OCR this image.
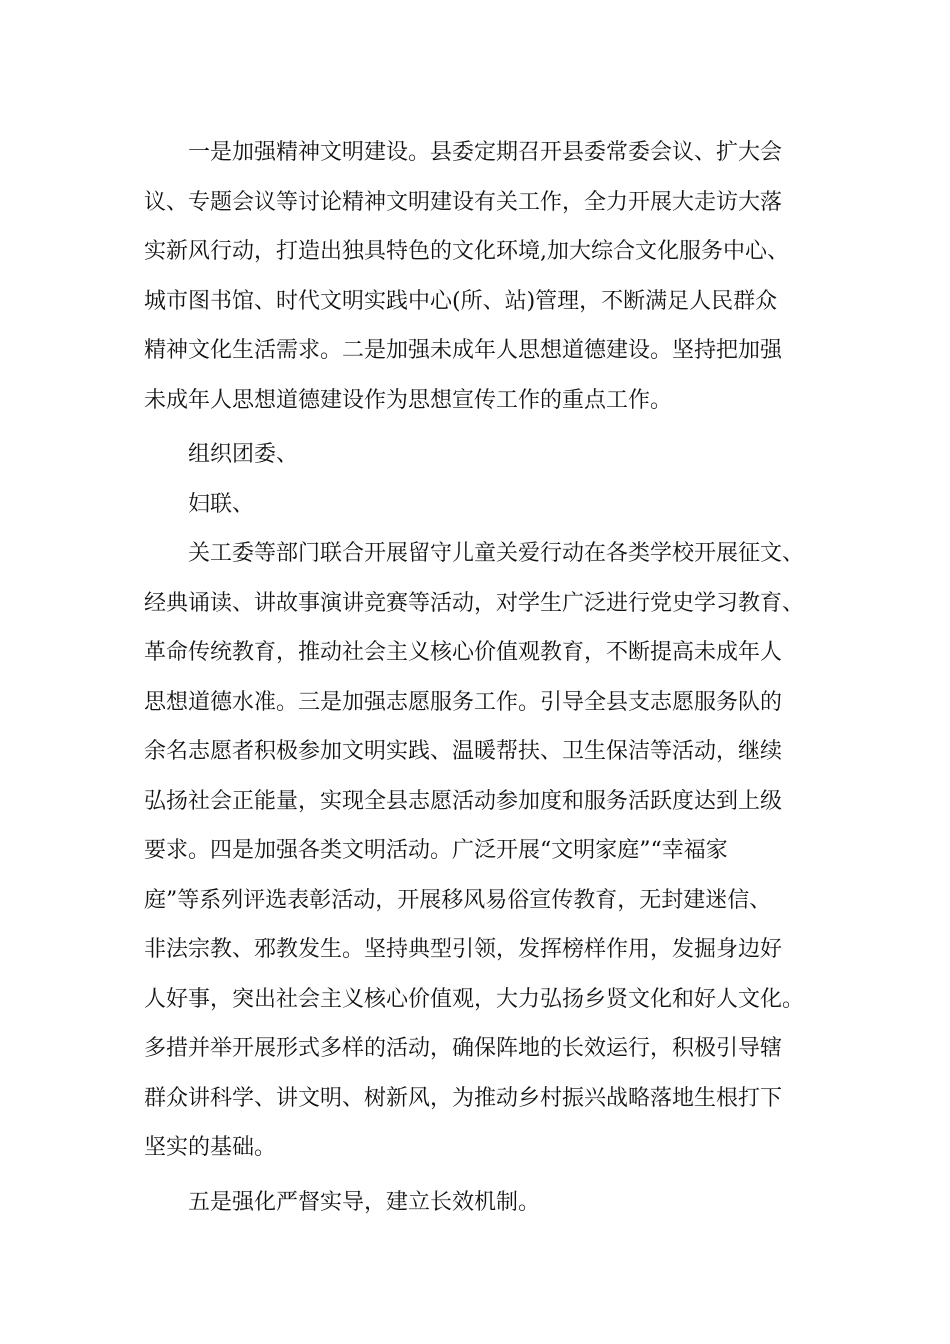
一是加强精神文明建设。县委定期召开县委常委会议、扩大会
议、专题会议等讨论精神文明建设有关工作，全力开展大走访大落
实新风行动，打造出独具特色的文化环境,加大综合文化服务中心、
城市图书馆、时代文明实践中心(所、站)管理，不断满足人民群众
精神文化生活需求。二是加强未成年人思想道德建设。坚持把加强
未成年人思想道德建设作为思想宣传工作的重点工作。
组织团委、
妇联、
关工委等部门联合开展留守儿童关爱行动在各类学校开展征文、
经典诵读、讲故事演讲竞赛等活动，对学生广泛进行党史学习教育、
革命传统教育，推动社会主义核心价值观教育，不断提高未成年人
思想道德水准。三是加强志愿服务工作。引导全县支志愿服务队的
余名志愿者积极参加文明实践、温暖帮扶、卫生保洁等活动，继续
弘扬社会正能量，实现全县志愿活动参加度和服务活跃度达到上级
要求。四是加强各类文明活动。广泛开展“文明家庭”“幸福家
庭”等系列评选表彰活动，开展移风易俗宣传教育，无封建迷信、
非法宗教、邪教发生。坚持典型引领，发挥榜样作用，发掘身边好
人好事，突出社会主义核心价值观，大力弘扬乡贤文化和好人文化。
多措并举开展形式多样的活动，确保阵地的长效运行，积极引导辖
群众讲科学、讲文明、树新风，为推动乡村振兴战略落地生根打下
坚实的基础。
五是强化严督实导，建立长效机制。
